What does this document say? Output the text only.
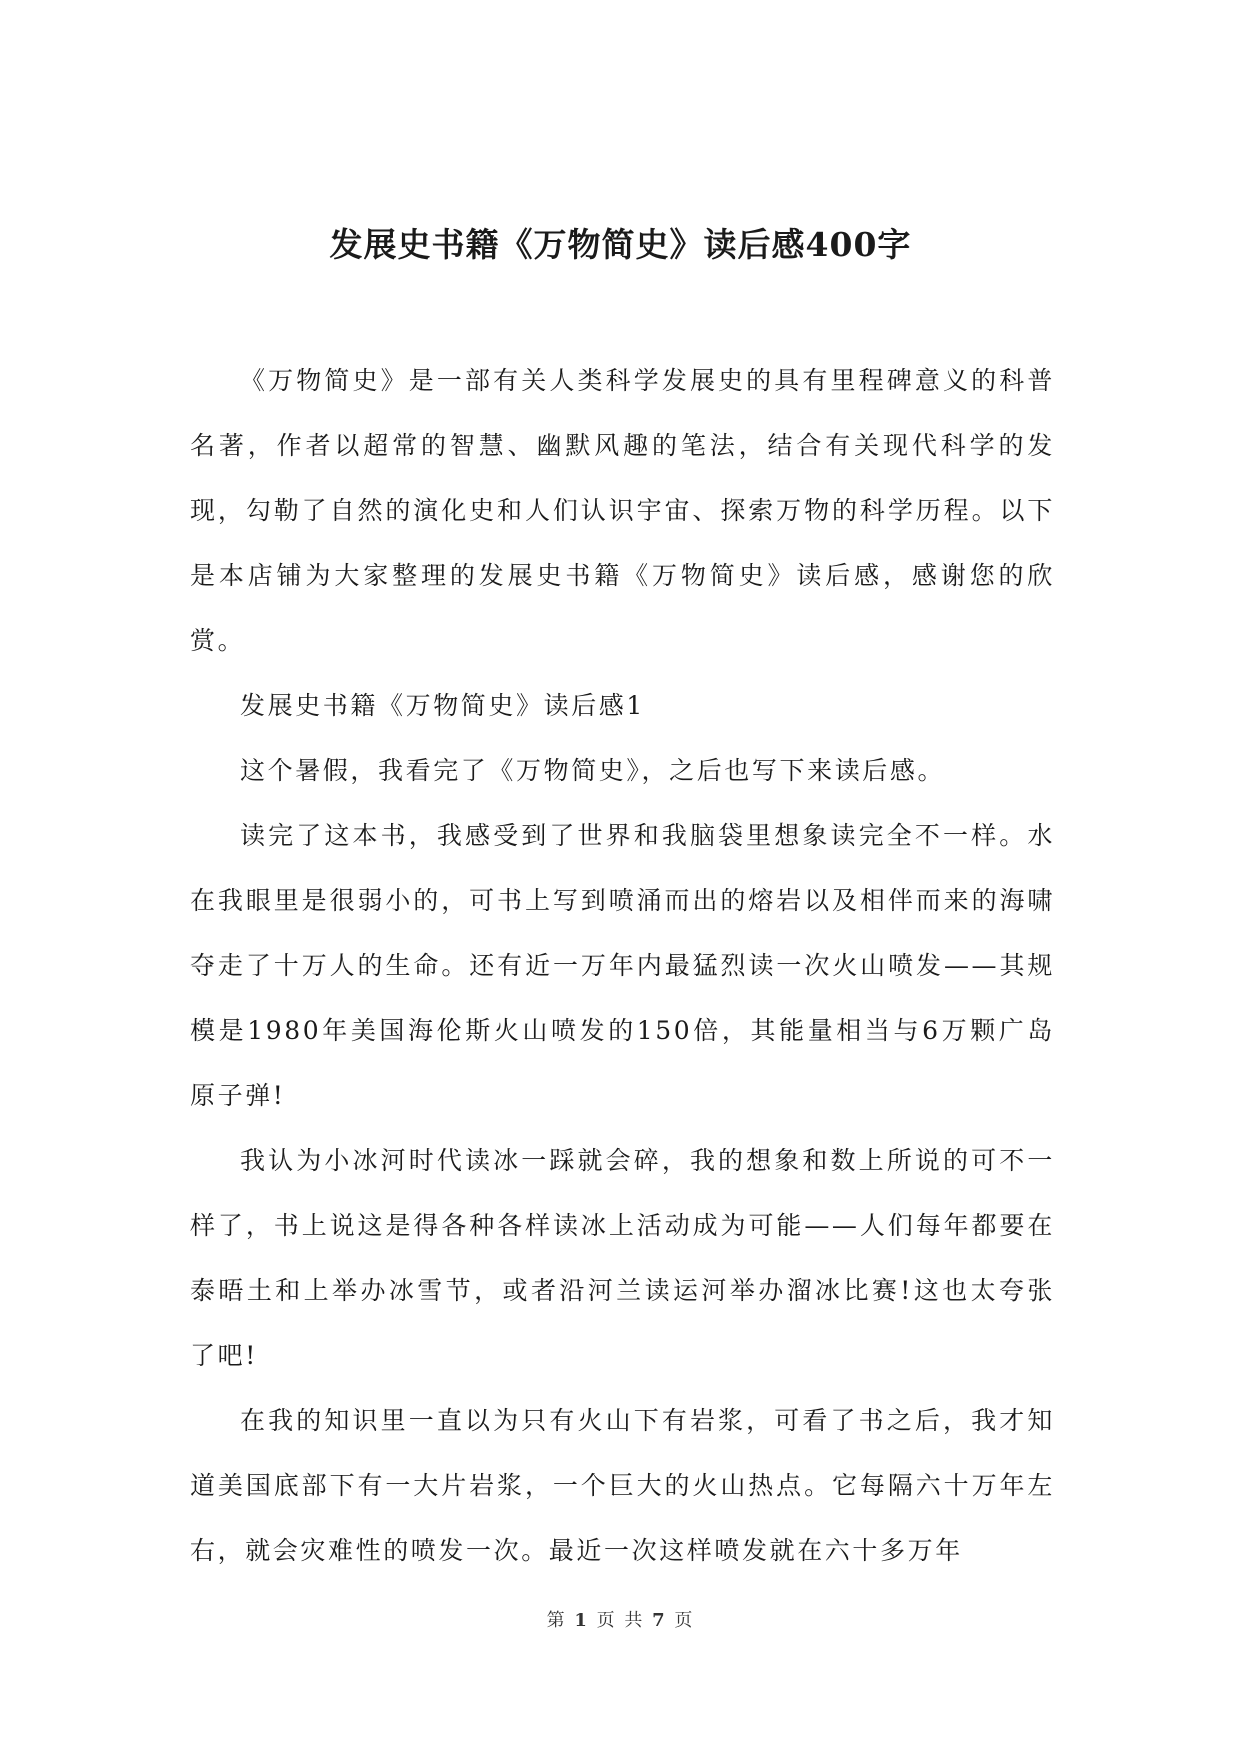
发展史书籍《万物简史》读后感400字

《万物简史》是一部有关人类科学发展史的具有里程碑意义的科普名著，作者以超常的智慧、幽默风趣的笔法，结合有关现代科学的发现，勾勒了自然的演化史和人们认识宇宙、探索万物的科学历程。以下是本店铺为大家整理的发展史书籍《万物简史》读后感，感谢您的欣赏。

发展史书籍《万物简史》读后感1

这个暑假，我看完了《万物简史》，之后也写下来读后感。

读完了这本书，我感受到了世界和我脑袋里想象读完全不一样。水在我眼里是很弱小的，可书上写到喷涌而出的熔岩以及相伴而来的海啸夺走了十万人的生命。还有近一万年内最猛烈读一次火山喷发——其规模是1980年美国海伦斯火山喷发的150倍，其能量相当与6万颗广岛原子弹!

我认为小冰河时代读冰一踩就会碎，我的想象和数上所说的可不一样了，书上说这是得各种各样读冰上活动成为可能——人们每年都要在泰晤土和上举办冰雪节，或者沿河兰读运河举办溜冰比赛!这也太夸张了吧!

在我的知识里一直以为只有火山下有岩浆，可看了书之后，我才知道美国底部下有一大片岩浆，一个巨大的火山热点。它每隔六十万年左右，就会灾难性的喷发一次。最近一次这样喷发就在六十多万年

第 1 页 共 7 页
